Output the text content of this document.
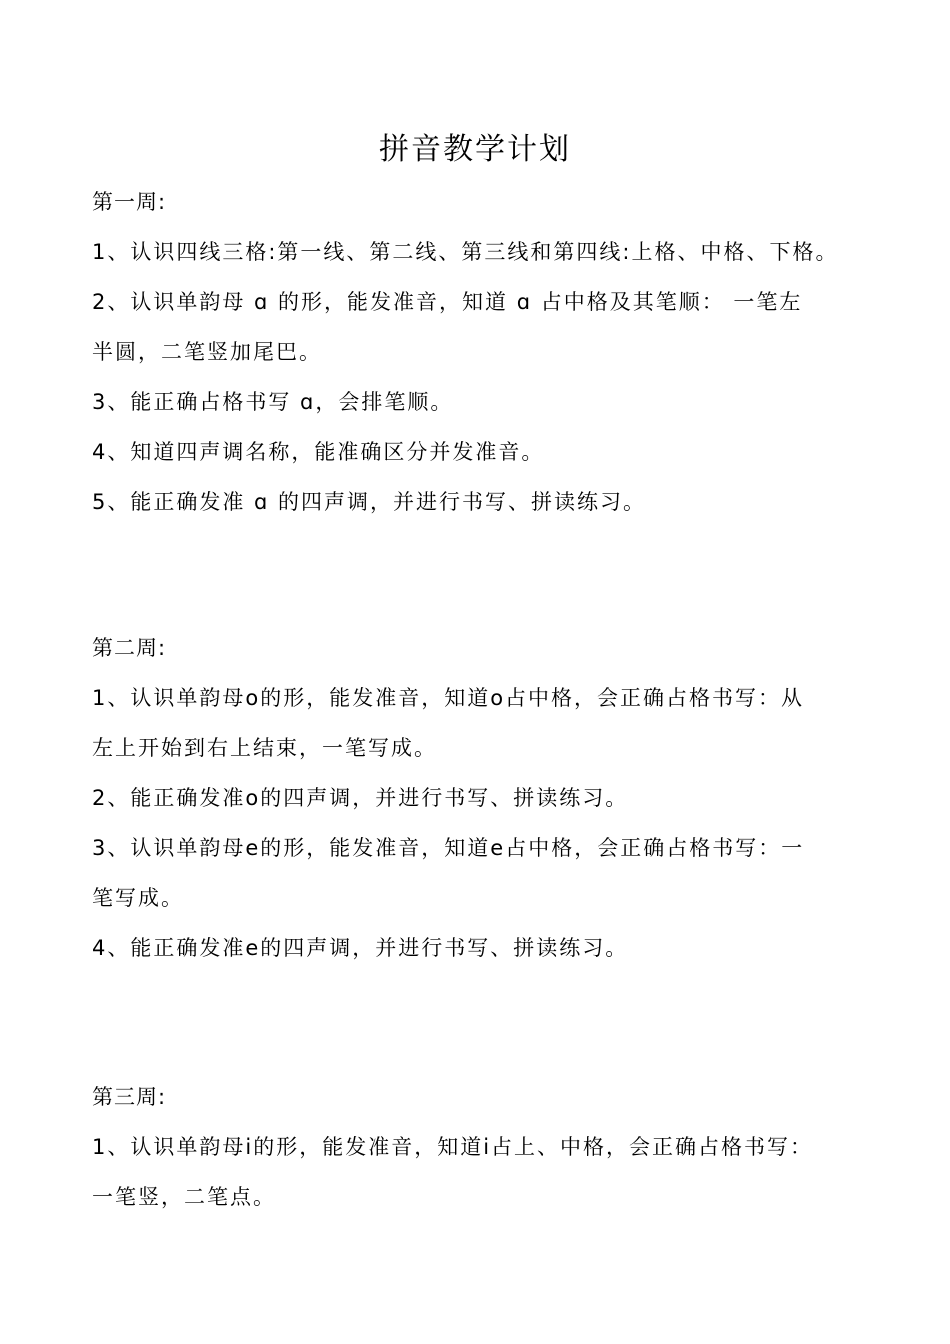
拼音教学计划
第一周:
1、认识四线三格:第一线、第二线、第三线和第四线:上格、中格、下格。
2、认识单韵母 ɑ 的形，能发准音，知道 ɑ 占中格及其笔顺： 一笔左
半圆，二笔竖加尾巴。
3、能正确占格书写 ɑ，会排笔顺。
4、知道四声调名称，能准确区分并发准音。
5、能正确发准 ɑ 的四声调，并进行书写、拼读练习。
第二周:
1、认识单韵母o的形，能发准音，知道o占中格，会正确占格书写：从
左上开始到右上结束，一笔写成。
2、能正确发准o的四声调，并进行书写、拼读练习。
3、认识单韵母e的形，能发准音，知道e占中格，会正确占格书写：一
笔写成。
4、能正确发准e的四声调，并进行书写、拼读练习。
第三周:
1、认识单韵母i的形，能发准音，知道i占上、中格，会正确占格书写：
一笔竖，二笔点。
